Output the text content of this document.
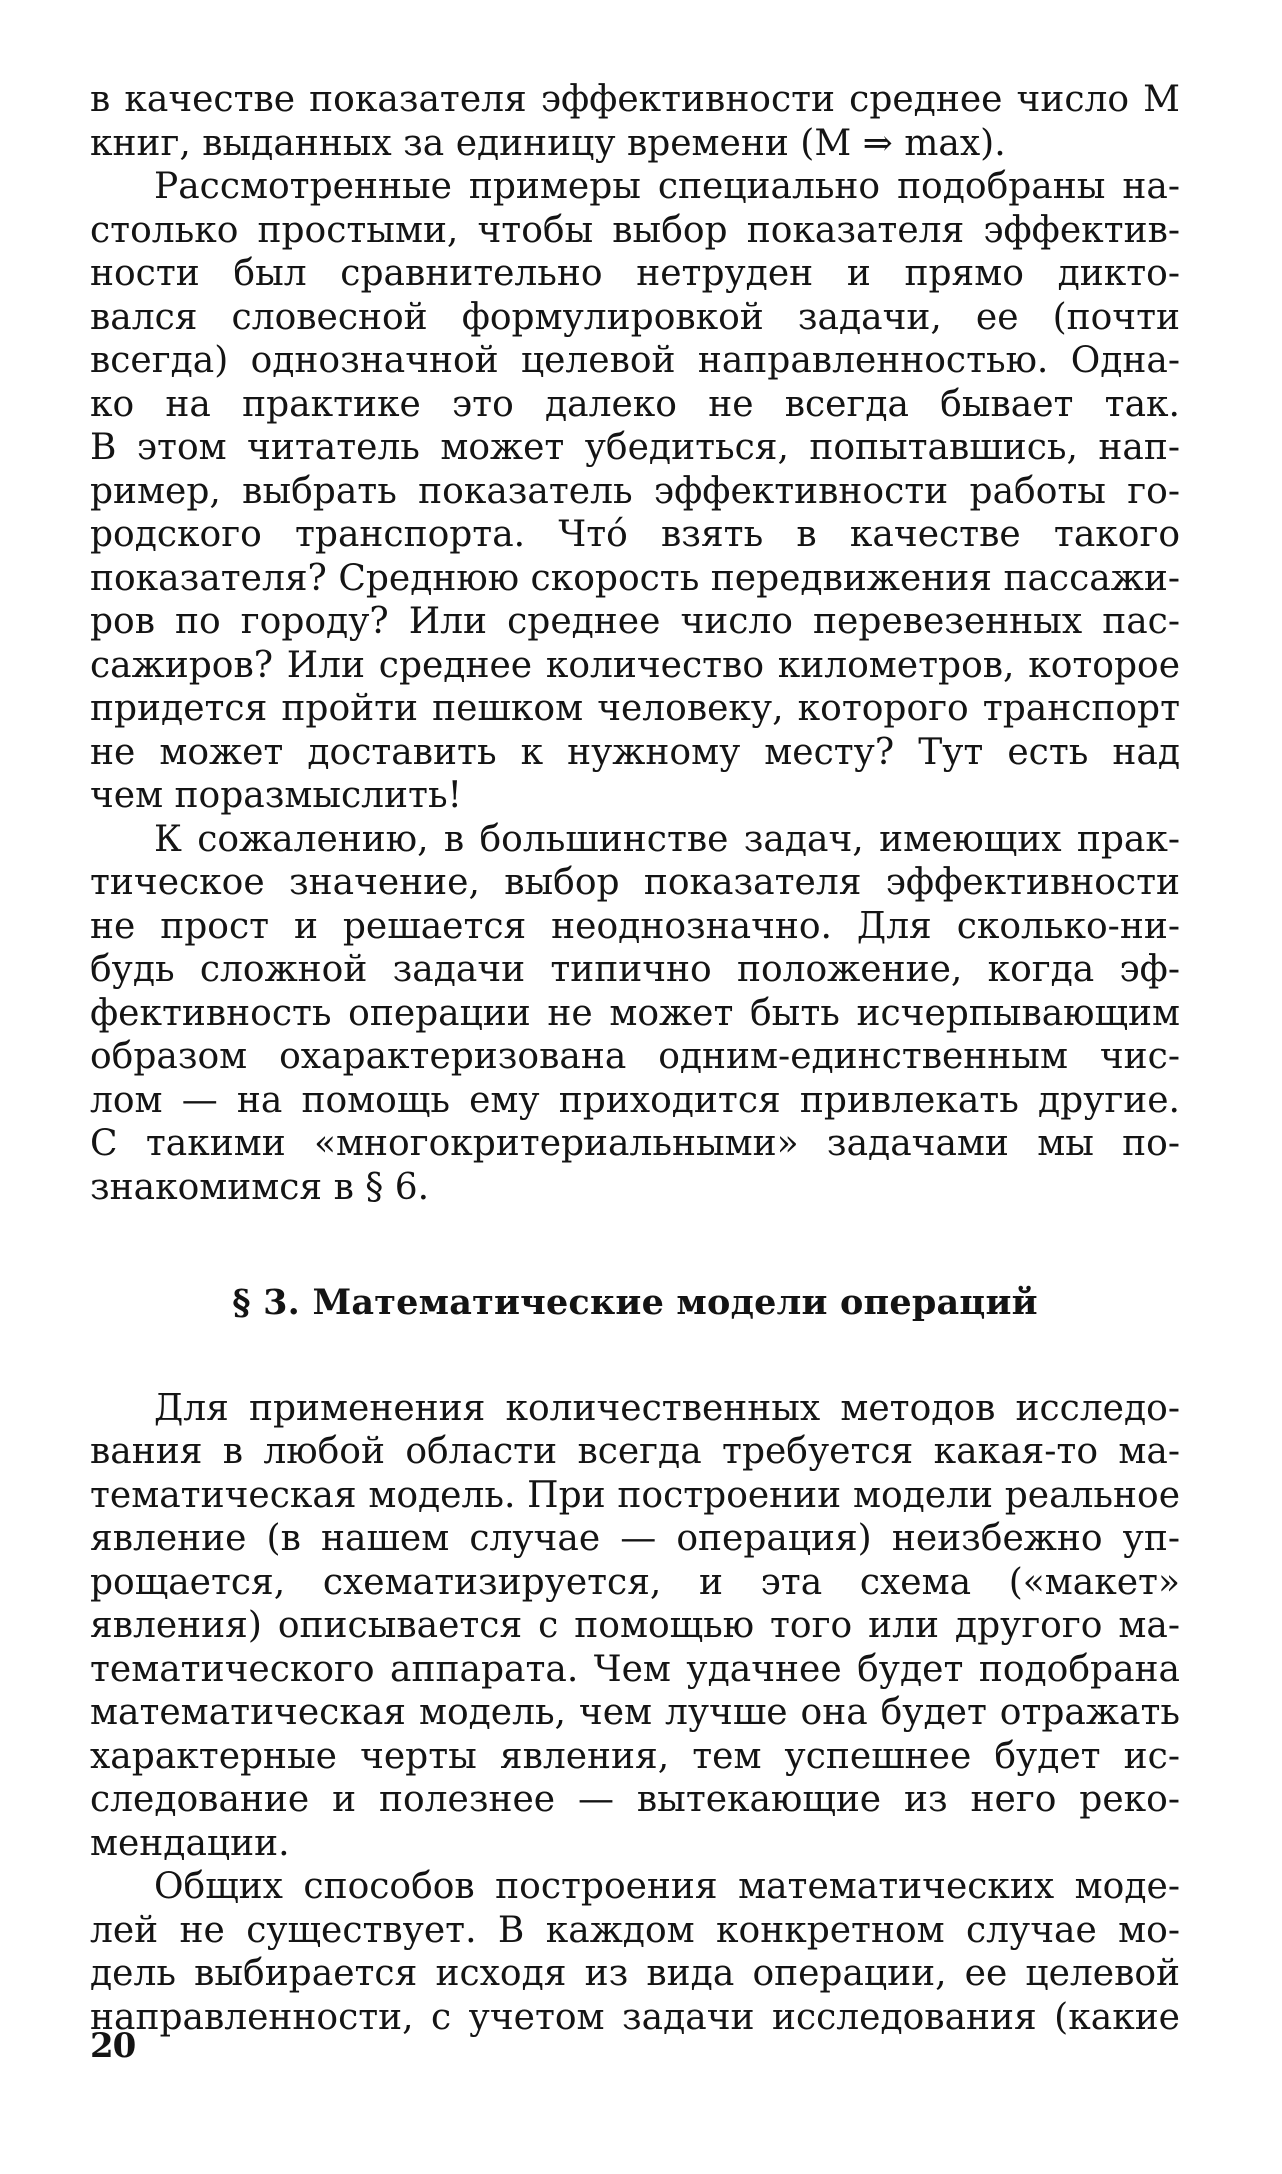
в качестве показателя эффективности среднее число M
книг, выданных за единицу времени (M ⇒ max).
Рассмотренные примеры специально подобраны на-
столько простыми, чтобы выбор показателя эффектив-
ности был сравнительно нетруден и прямо дикто-
вался словесной формулировкой задачи, ее (почти
всегда) однозначной целевой направленностью. Одна-
ко на практике это далеко не всегда бывает так.
В этом читатель может убедиться, попытавшись, нап-
ример, выбрать показатель эффективности работы го-
родского транспорта. Чтó взять в качестве такого
показателя? Среднюю скорость передвижения пассажи-
ров по городу? Или среднее число перевезенных пас-
сажиров? Или среднее количество километров, которое
придется пройти пешком человеку, которого транспорт
не может доставить к нужному месту? Тут есть над
чем поразмыслить!
К сожалению, в большинстве задач, имеющих прак-
тическое значение, выбор показателя эффективности
не прост и решается неоднозначно. Для сколько-ни-
будь сложной задачи типично положение, когда эф-
фективность операции не может быть исчерпывающим
образом охарактеризована одним-единственным чис-
лом — на помощь ему приходится привлекать другие.
С такими «многокритериальными» задачами мы по-
знакомимся в § 6.
§ 3. Математические модели операций
Для применения количественных методов исследо-
вания в любой области всегда требуется какая-то ма-
тематическая модель. При построении модели реальное
явление (в нашем случае — операция) неизбежно уп-
рощается, схематизируется, и эта схема («макет»
явления) описывается с помощью того или другого ма-
тематического аппарата. Чем удачнее будет подобрана
математическая модель, чем лучше она будет отражать
характерные черты явления, тем успешнее будет ис-
следование и полезнее — вытекающие из него реко-
мендации.
Общих способов построения математических моде-
лей не существует. В каждом конкретном случае мо-
дель выбирается исходя из вида операции, ее целевой
направленности, с учетом задачи исследования (какие
20
